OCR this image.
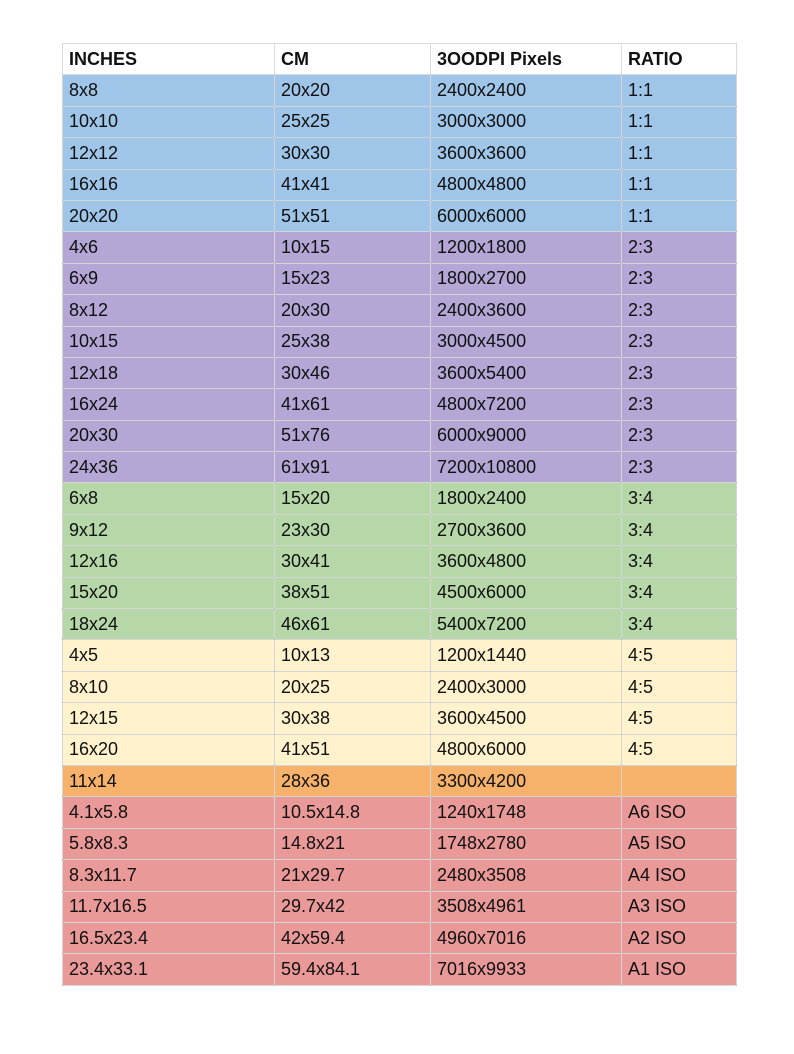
INCHES	CM	3OODPI Pixels	RATIO
8x8	20x20	2400x2400	1:1
10x10	25x25	3000x3000	1:1
12x12	30x30	3600x3600	1:1
16x16	41x41	4800x4800	1:1
20x20	51x51	6000x6000	1:1
4x6	10x15	1200x1800	2:3
6x9	15x23	1800x2700	2:3
8x12	20x30	2400x3600	2:3
10x15	25x38	3000x4500	2:3
12x18	30x46	3600x5400	2:3
16x24	41x61	4800x7200	2:3
20x30	51x76	6000x9000	2:3
24x36	61x91	7200x10800	2:3
6x8	15x20	1800x2400	3:4
9x12	23x30	2700x3600	3:4
12x16	30x41	3600x4800	3:4
15x20	38x51	4500x6000	3:4
18x24	46x61	5400x7200	3:4
4x5	10x13	1200x1440	4:5
8x10	20x25	2400x3000	4:5
12x15	30x38	3600x4500	4:5
16x20	41x51	4800x6000	4:5
11x14	28x36	3300x4200	
4.1x5.8	10.5x14.8	1240x1748	A6 ISO
5.8x8.3	14.8x21	1748x2780	A5 ISO
8.3x11.7	21x29.7	2480x3508	A4 ISO
11.7x16.5	29.7x42	3508x4961	A3 ISO
16.5x23.4	42x59.4	4960x7016	A2 ISO
23.4x33.1	59.4x84.1	7016x9933	A1 ISO
